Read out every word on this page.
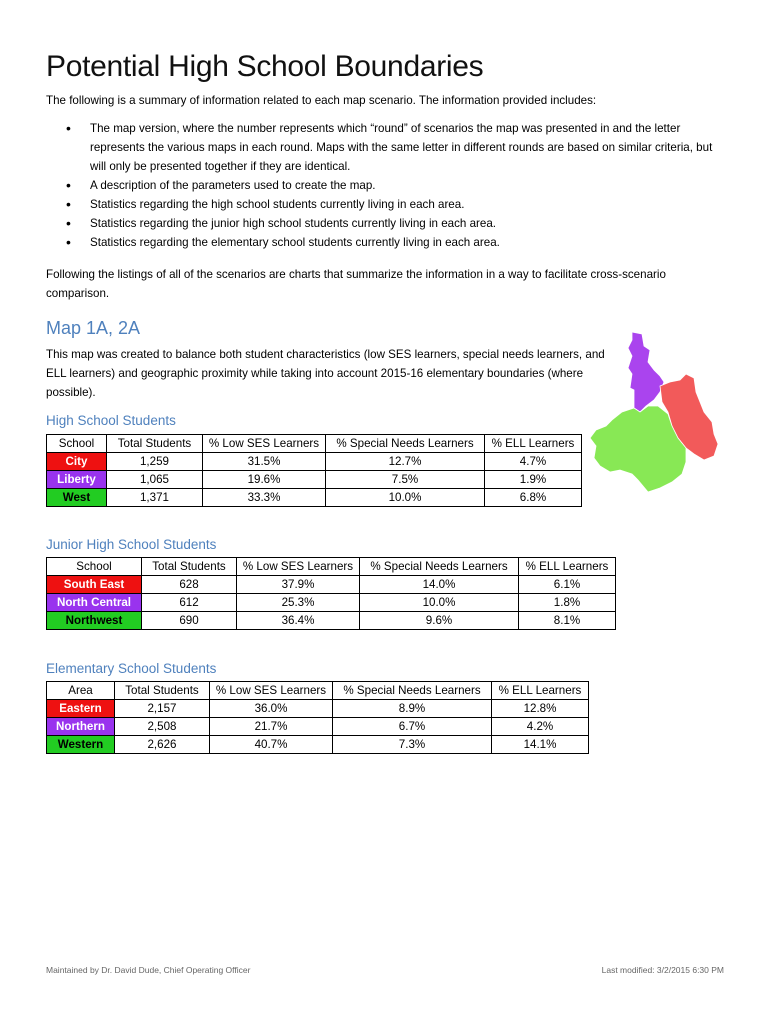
Potential High School Boundaries

The following is a summary of information related to each map scenario. The information provided includes:

• The map version, where the number represents which “round” of scenarios the map was presented in and the letter represents the various maps in each round. Maps with the same letter in different rounds are based on similar criteria, but will only be presented together if they are identical.
• A description of the parameters used to create the map.
• Statistics regarding the high school students currently living in each area.
• Statistics regarding the junior high school students currently living in each area.
• Statistics regarding the elementary school students currently living in each area.

Following the listings of all of the scenarios are charts that summarize the information in a way to facilitate cross-scenario comparison.

Map 1A, 2A

This map was created to balance both student characteristics (low SES learners, special needs learners, and ELL learners) and geographic proximity while taking into account 2015-16 elementary boundaries (where possible).

High School Students
School	Total Students	% Low SES Learners	% Special Needs Learners	% ELL Learners
City	1,259	31.5%	12.7%	4.7%
Liberty	1,065	19.6%	7.5%	1.9%
West	1,371	33.3%	10.0%	6.8%
Junior High School Students
School	Total Students	% Low SES Learners	% Special Needs Learners	% ELL Learners
South East	628	37.9%	14.0%	6.1%
North Central	612	25.3%	10.0%	1.8%
Northwest	690	36.4%	9.6%	8.1%
Elementary School Students
Area	Total Students	% Low SES Learners	% Special Needs Learners	% ELL Learners
Eastern	2,157	36.0%	8.9%	12.8%
Northern	2,508	21.7%	6.7%	4.2%
Western	2,626	40.7%	7.3%	14.1%
Maintained by Dr. David Dude, Chief Operating Officer	Last modified: 3/2/2015 6:30 PM
